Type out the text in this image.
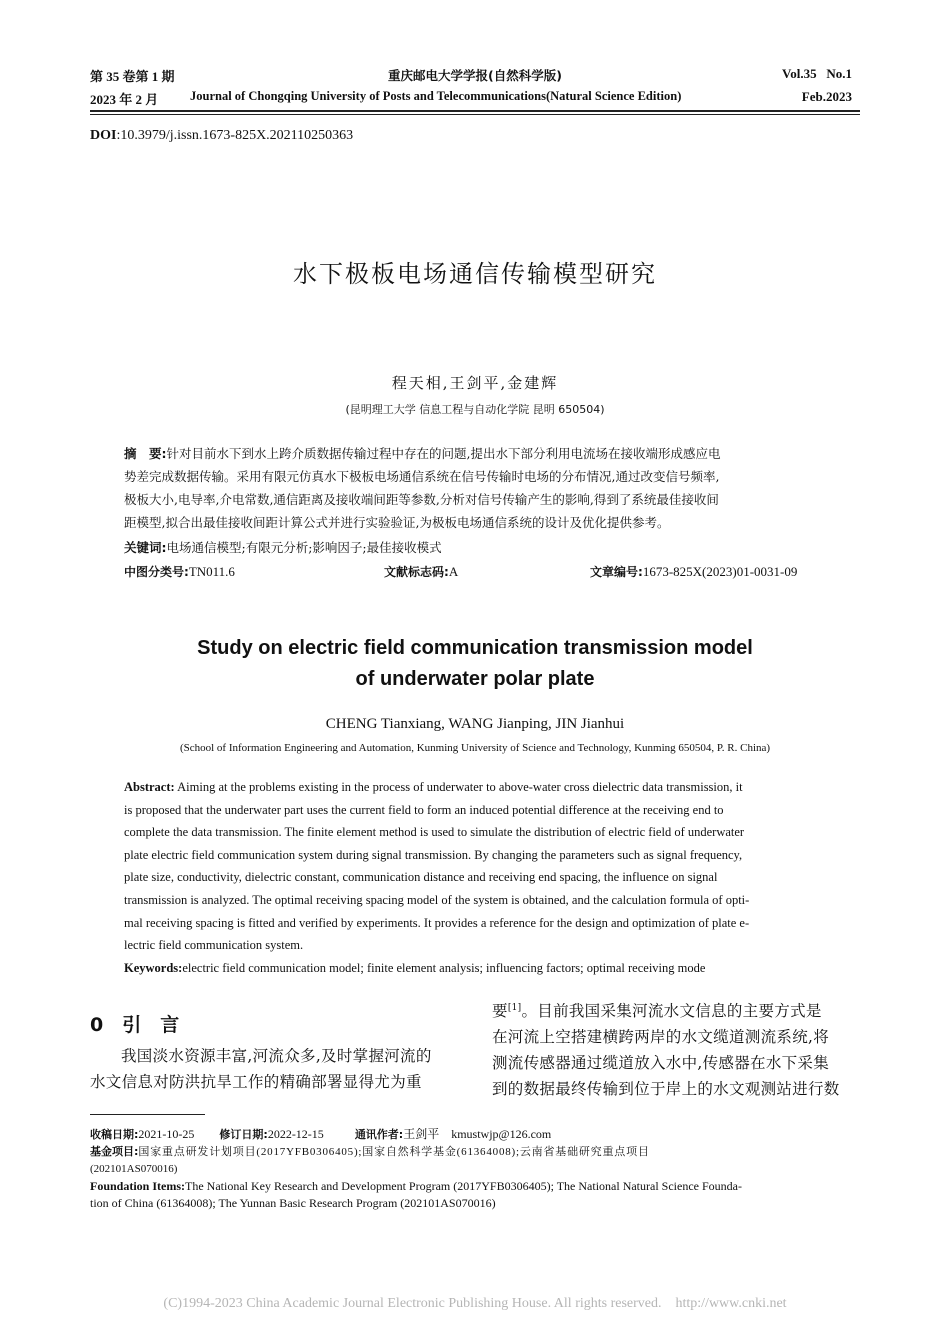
第 35 卷第 1 期	重庆邮电大学学报(自然科学版)	Vol.35   No.1
2023 年 2 月	Journal of Chongqing University of Posts and Telecommunications(Natural Science Edition)	Feb.2023
DOI:10.3979/j.issn.1673-825X.202110250363
水下极板电场通信传输模型研究
程天相,王剑平,金建辉
(昆明理工大学 信息工程与自动化学院 昆明 650504)
摘　要:针对目前水下到水上跨介质数据传输过程中存在的问题,提出水下部分利用电流场在接收端形成感应电
势差完成数据传输。采用有限元仿真水下极板电场通信系统在信号传输时电场的分布情况,通过改变信号频率,
极板大小,电导率,介电常数,通信距离及接收端间距等参数,分析对信号传输产生的影响,得到了系统最佳接收间
距模型,拟合出最佳接收间距计算公式并进行实验验证,为极板电场通信系统的设计及优化提供参考。
关键词:电场通信模型;有限元分析;影响因子;最佳接收模式
中图分类号:TN011.6	文献标志码:A	文章编号:1673-825X(2023)01-0031-09
Study on electric field communication transmission model
of underwater polar plate
CHENG Tianxiang, WANG Jianping, JIN Jianhui
(School of Information Engineering and Automation, Kunming University of Science and Technology, Kunming 650504, P. R. China)
Abstract: Aiming at the problems existing in the process of underwater to above-water cross dielectric data transmission, it
is proposed that the underwater part uses the current field to form an induced potential difference at the receiving end to
complete the data transmission. The finite element method is used to simulate the distribution of electric field of underwater
plate electric field communication system during signal transmission. By changing the parameters such as signal frequency,
plate size, conductivity, dielectric constant, communication distance and receiving end spacing, the influence on signal
transmission is analyzed. The optimal receiving spacing model of the system is obtained, and the calculation formula of opti-
mal receiving spacing is fitted and verified by experiments. It provides a reference for the design and optimization of plate e-
lectric field communication system.
Keywords:electric field communication model; finite element analysis; influencing factors; optimal receiving mode
0　引　言
我国淡水资源丰富,河流众多,及时掌握河流的
水文信息对防洪抗旱工作的精确部署显得尤为重
要[1]。目前我国采集河流水文信息的主要方式是
在河流上空搭建横跨两岸的水文缆道测流系统,将
测流传感器通过缆道放入水中,传感器在水下采集
到的数据最终传输到位于岸上的水文观测站进行数
收稿日期:2021-10-25 修订日期:2022-12-15	通讯作者:王剑平　kmustwjp@126.com
基金项目:国家重点研发计划项目(2017YFB0306405);国家自然科学基金(61364008);云南省基础研究重点项目
(202101AS070016)
Foundation Items:The National Key Research and Development Program (2017YFB0306405); The National Natural Science Founda-
tion of China (61364008); The Yunnan Basic Research Program (202101AS070016)
(C)1994-2023 China Academic Journal Electronic Publishing House. All rights reserved.    http://www.cnki.net
